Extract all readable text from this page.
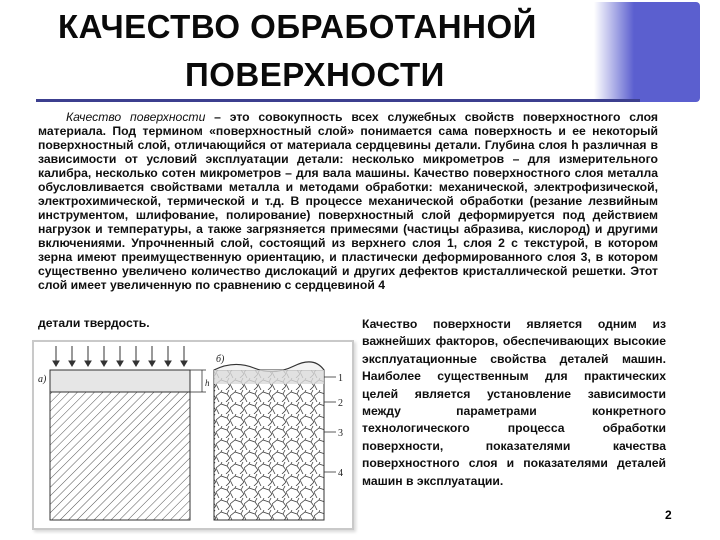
КАЧЕСТВО ОБРАБОТАННОЙ
ПОВЕРХНОСТИ
Качество поверхности – это совокупность всех служебных свойств поверхностного слоя материала. Под термином «поверхностный слой» понимается сама поверхность и ее некоторый поверхностный слой, отличающийся от материала сердцевины детали. Глубина слоя h различная в зависимости от условий эксплуатации детали: несколько микрометров – для измерительного калибра, несколько сотен микрометров – для вала машины. Качество поверхностного слоя металла обусловливается свойствами металла и методами обработки: механической, электрофизической, электрохимической, термической и т.д. В процессе механической обработки (резание лезвийным инструментом, шлифование, полирование) поверхностный слой деформируется под действием нагрузок и температуры, а также загрязняется примесями (частицы абразива, кислород) и другими включениями. Упрочненный слой, состоящий из верхнего слоя 1, слоя 2 с текстурой, в котором зерна имеют преимущественную ориентацию, и пластически деформированного слоя 3, в котором существенно увеличено количество дислокаций и других дефектов кристаллической решетки. Этот слой имеет увеличенную по сравнению с сердцевиной 4
детали твердость.
а)	h
б)
1
2
3
4
Качество поверхности является одним из важнейших факторов, обеспечивающих высокие эксплуатационные свойства деталей машин. Наиболее существенным для практических целей является установление зависимости между параметрами конкретного технологического процесса обработки поверхности, показателями качества поверхностного слоя и показателями деталей машин в эксплуатации.
2
